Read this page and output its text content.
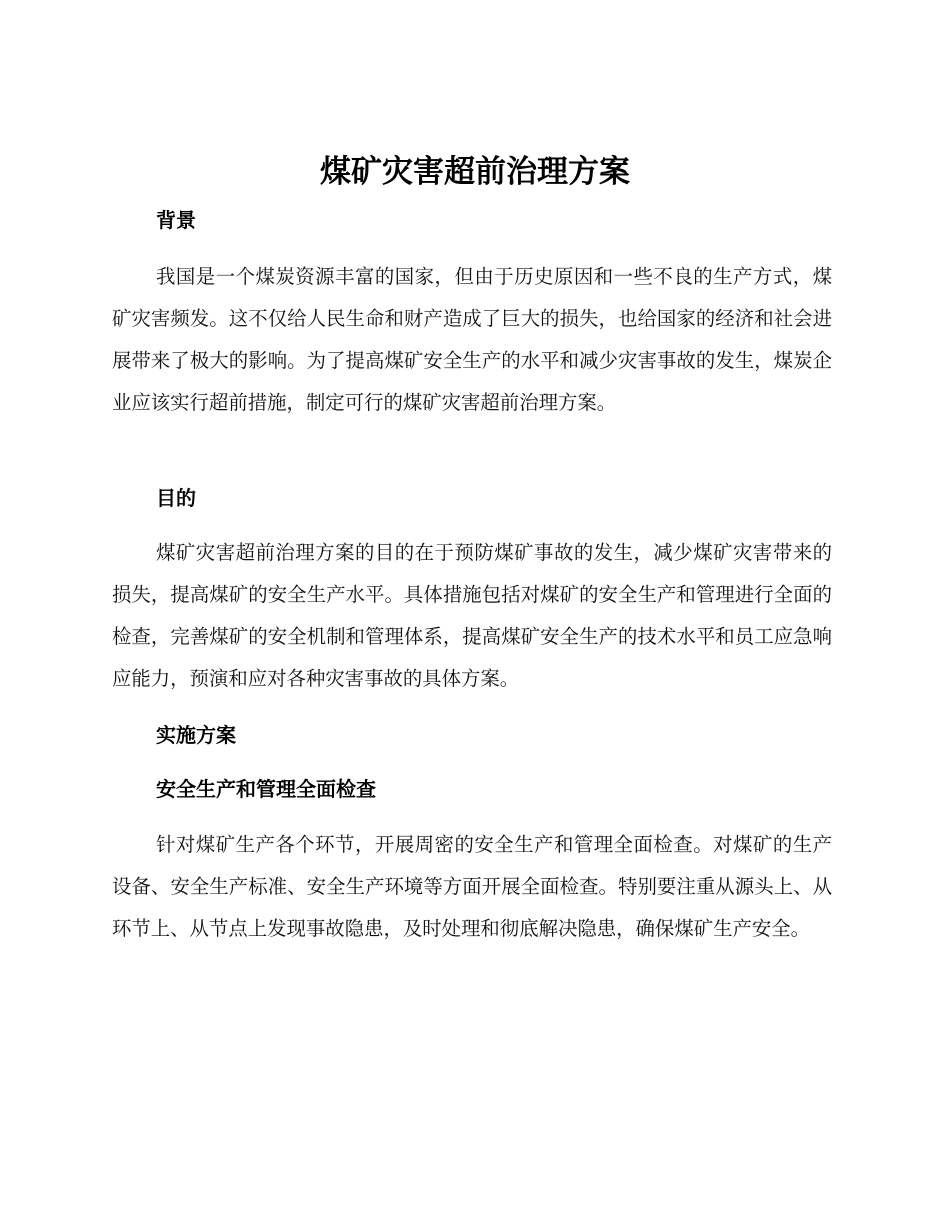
煤矿灾害超前治理方案
背景

我国是一个煤炭资源丰富的国家，但由于历史原因和一些不良的生产方式，煤矿灾害频发。这不仅给人民生命和财产造成了巨大的损失，也给国家的经济和社会进展带来了极大的影响。为了提高煤矿安全生产的水平和减少灾害事故的发生，煤炭企业应该实行超前措施，制定可行的煤矿灾害超前治理方案。

目的

煤矿灾害超前治理方案的目的在于预防煤矿事故的发生，减少煤矿灾害带来的损失，提高煤矿的安全生产水平。具体措施包括对煤矿的安全生产和管理进行全面的检查，完善煤矿的安全机制和管理体系，提高煤矿安全生产的技术水平和员工应急响应能力，预演和应对各种灾害事故的具体方案。

实施方案
安全生产和管理全面检查

针对煤矿生产各个环节，开展周密的安全生产和管理全面检查。对煤矿的生产设备、安全生产标准、安全生产环境等方面开展全面检查。特别要注重从源头上、从环节上、从节点上发现事故隐患，及时处理和彻底解决隐患，确保煤矿生产安全。
